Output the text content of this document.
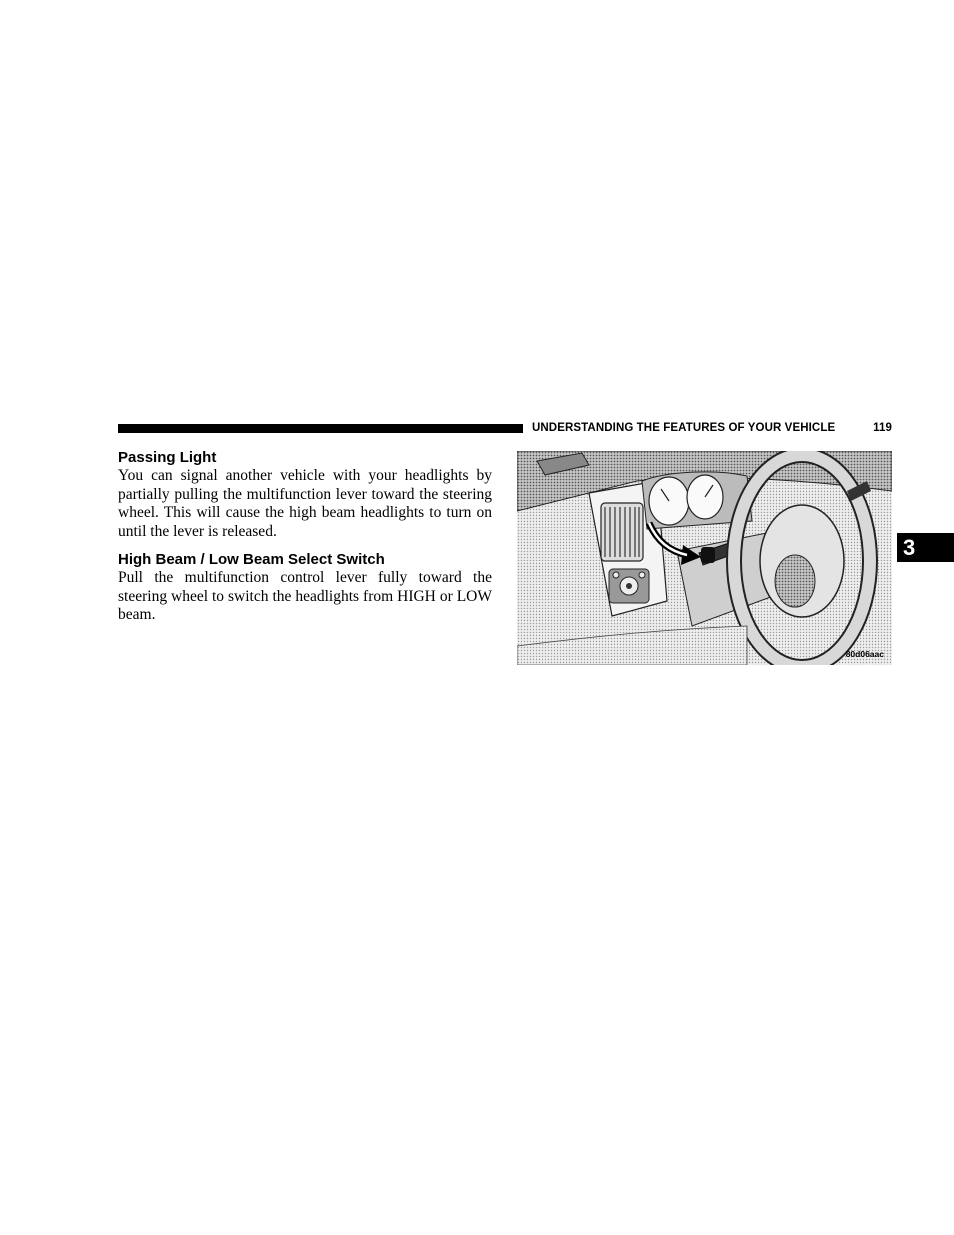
UNDERSTANDING THE FEATURES OF YOUR VEHICLE	119
3
Passing Light

You can signal another vehicle with your headlights by partially pulling the multifunction lever toward the steering wheel. This will cause the high beam headlights to turn on until the lever is released.

High Beam / Low Beam Select Switch

Pull the multifunction control lever fully toward the steering wheel to switch the headlights from HIGH or LOW beam.

80d06aac
